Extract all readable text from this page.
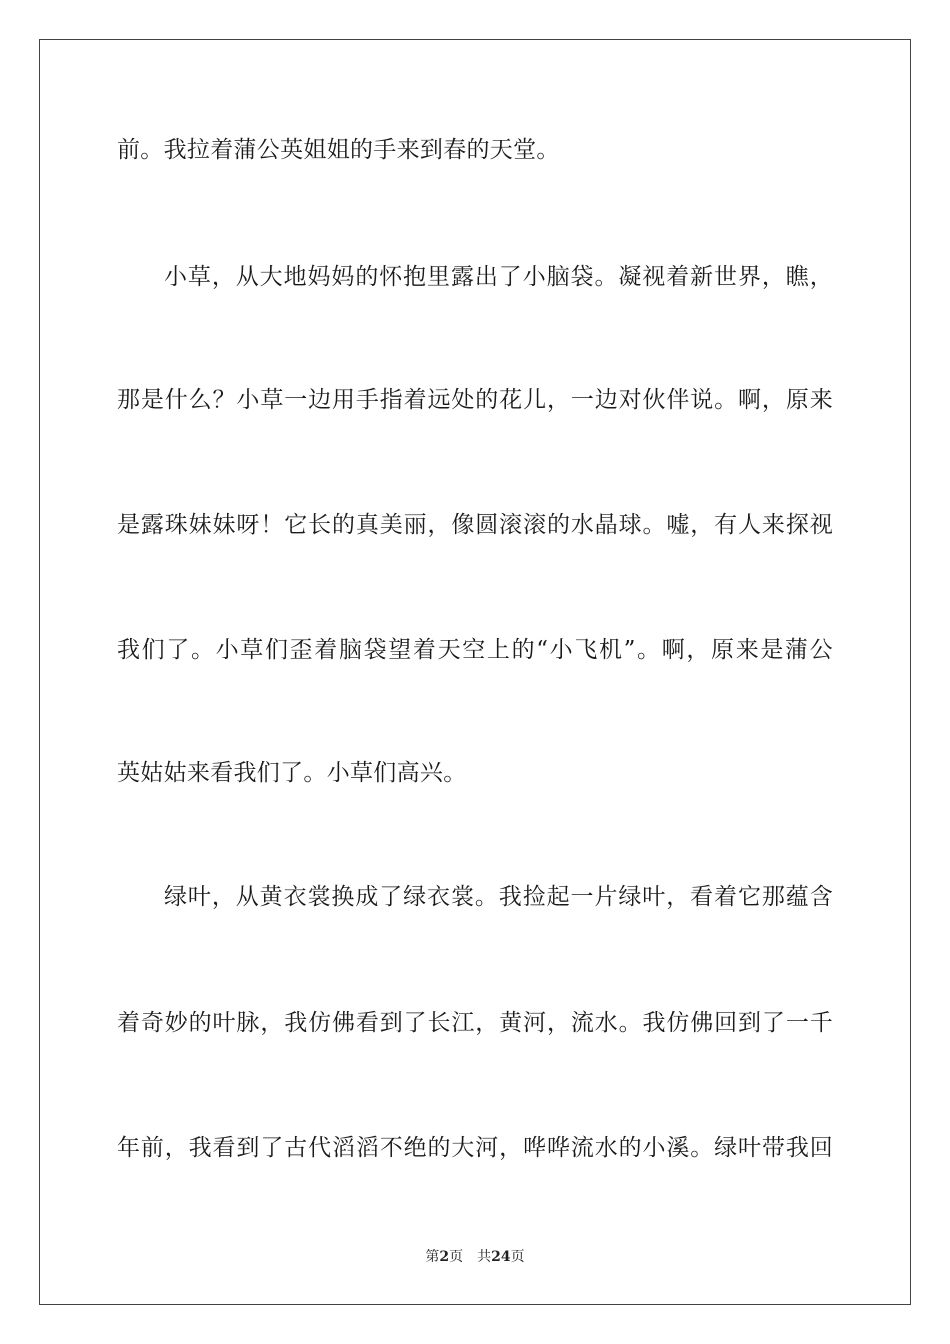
前。我拉着蒲公英姐姐的手来到春的天堂。
小草，从大地妈妈的怀抱里露出了小脑袋。凝视着新世界，瞧，
那是什么？小草一边用手指着远处的花儿，一边对伙伴说。啊，原来
是露珠妹妹呀！它长的真美丽，像圆滚滚的水晶球。嘘，有人来探视
我们了。小草们歪着脑袋望着天空上的“小飞机”。啊，原来是蒲公
英姑姑来看我们了。小草们高兴。
绿叶，从黄衣裳换成了绿衣裳。我捡起一片绿叶，看着它那蕴含
着奇妙的叶脉，我仿佛看到了长江，黄河，流水。我仿佛回到了一千
年前，我看到了古代滔滔不绝的大河，哗哗流水的小溪。绿叶带我回
第2页 共24页
